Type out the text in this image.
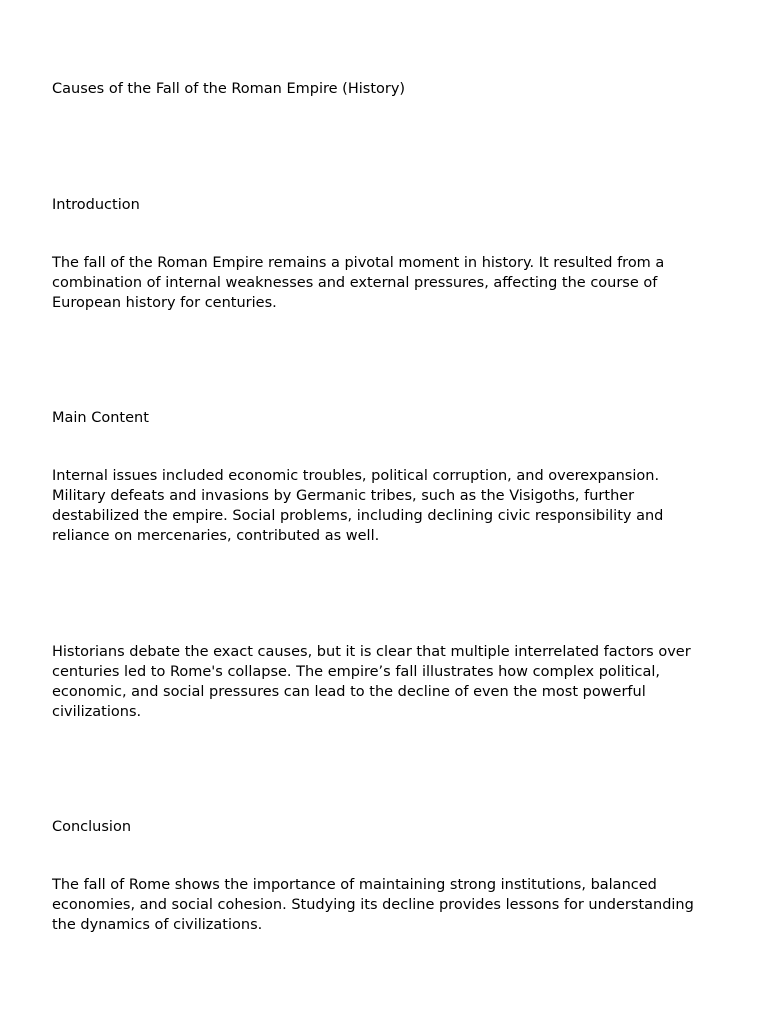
Causes of the Fall of the Roman Empire (History)

Introduction

The fall of the Roman Empire remains a pivotal moment in history. It resulted from a combination of internal weaknesses and external pressures, affecting the course of European history for centuries.

Main Content

Internal issues included economic troubles, political corruption, and overexpansion. Military defeats and invasions by Germanic tribes, such as the Visigoths, further destabilized the empire. Social problems, including declining civic responsibility and reliance on mercenaries, contributed as well.

Historians debate the exact causes, but it is clear that multiple interrelated factors over centuries led to Rome's collapse. The empire’s fall illustrates how complex political, economic, and social pressures can lead to the decline of even the most powerful civilizations.

Conclusion

The fall of Rome shows the importance of maintaining strong institutions, balanced economies, and social cohesion. Studying its decline provides lessons for understanding the dynamics of civilizations.
